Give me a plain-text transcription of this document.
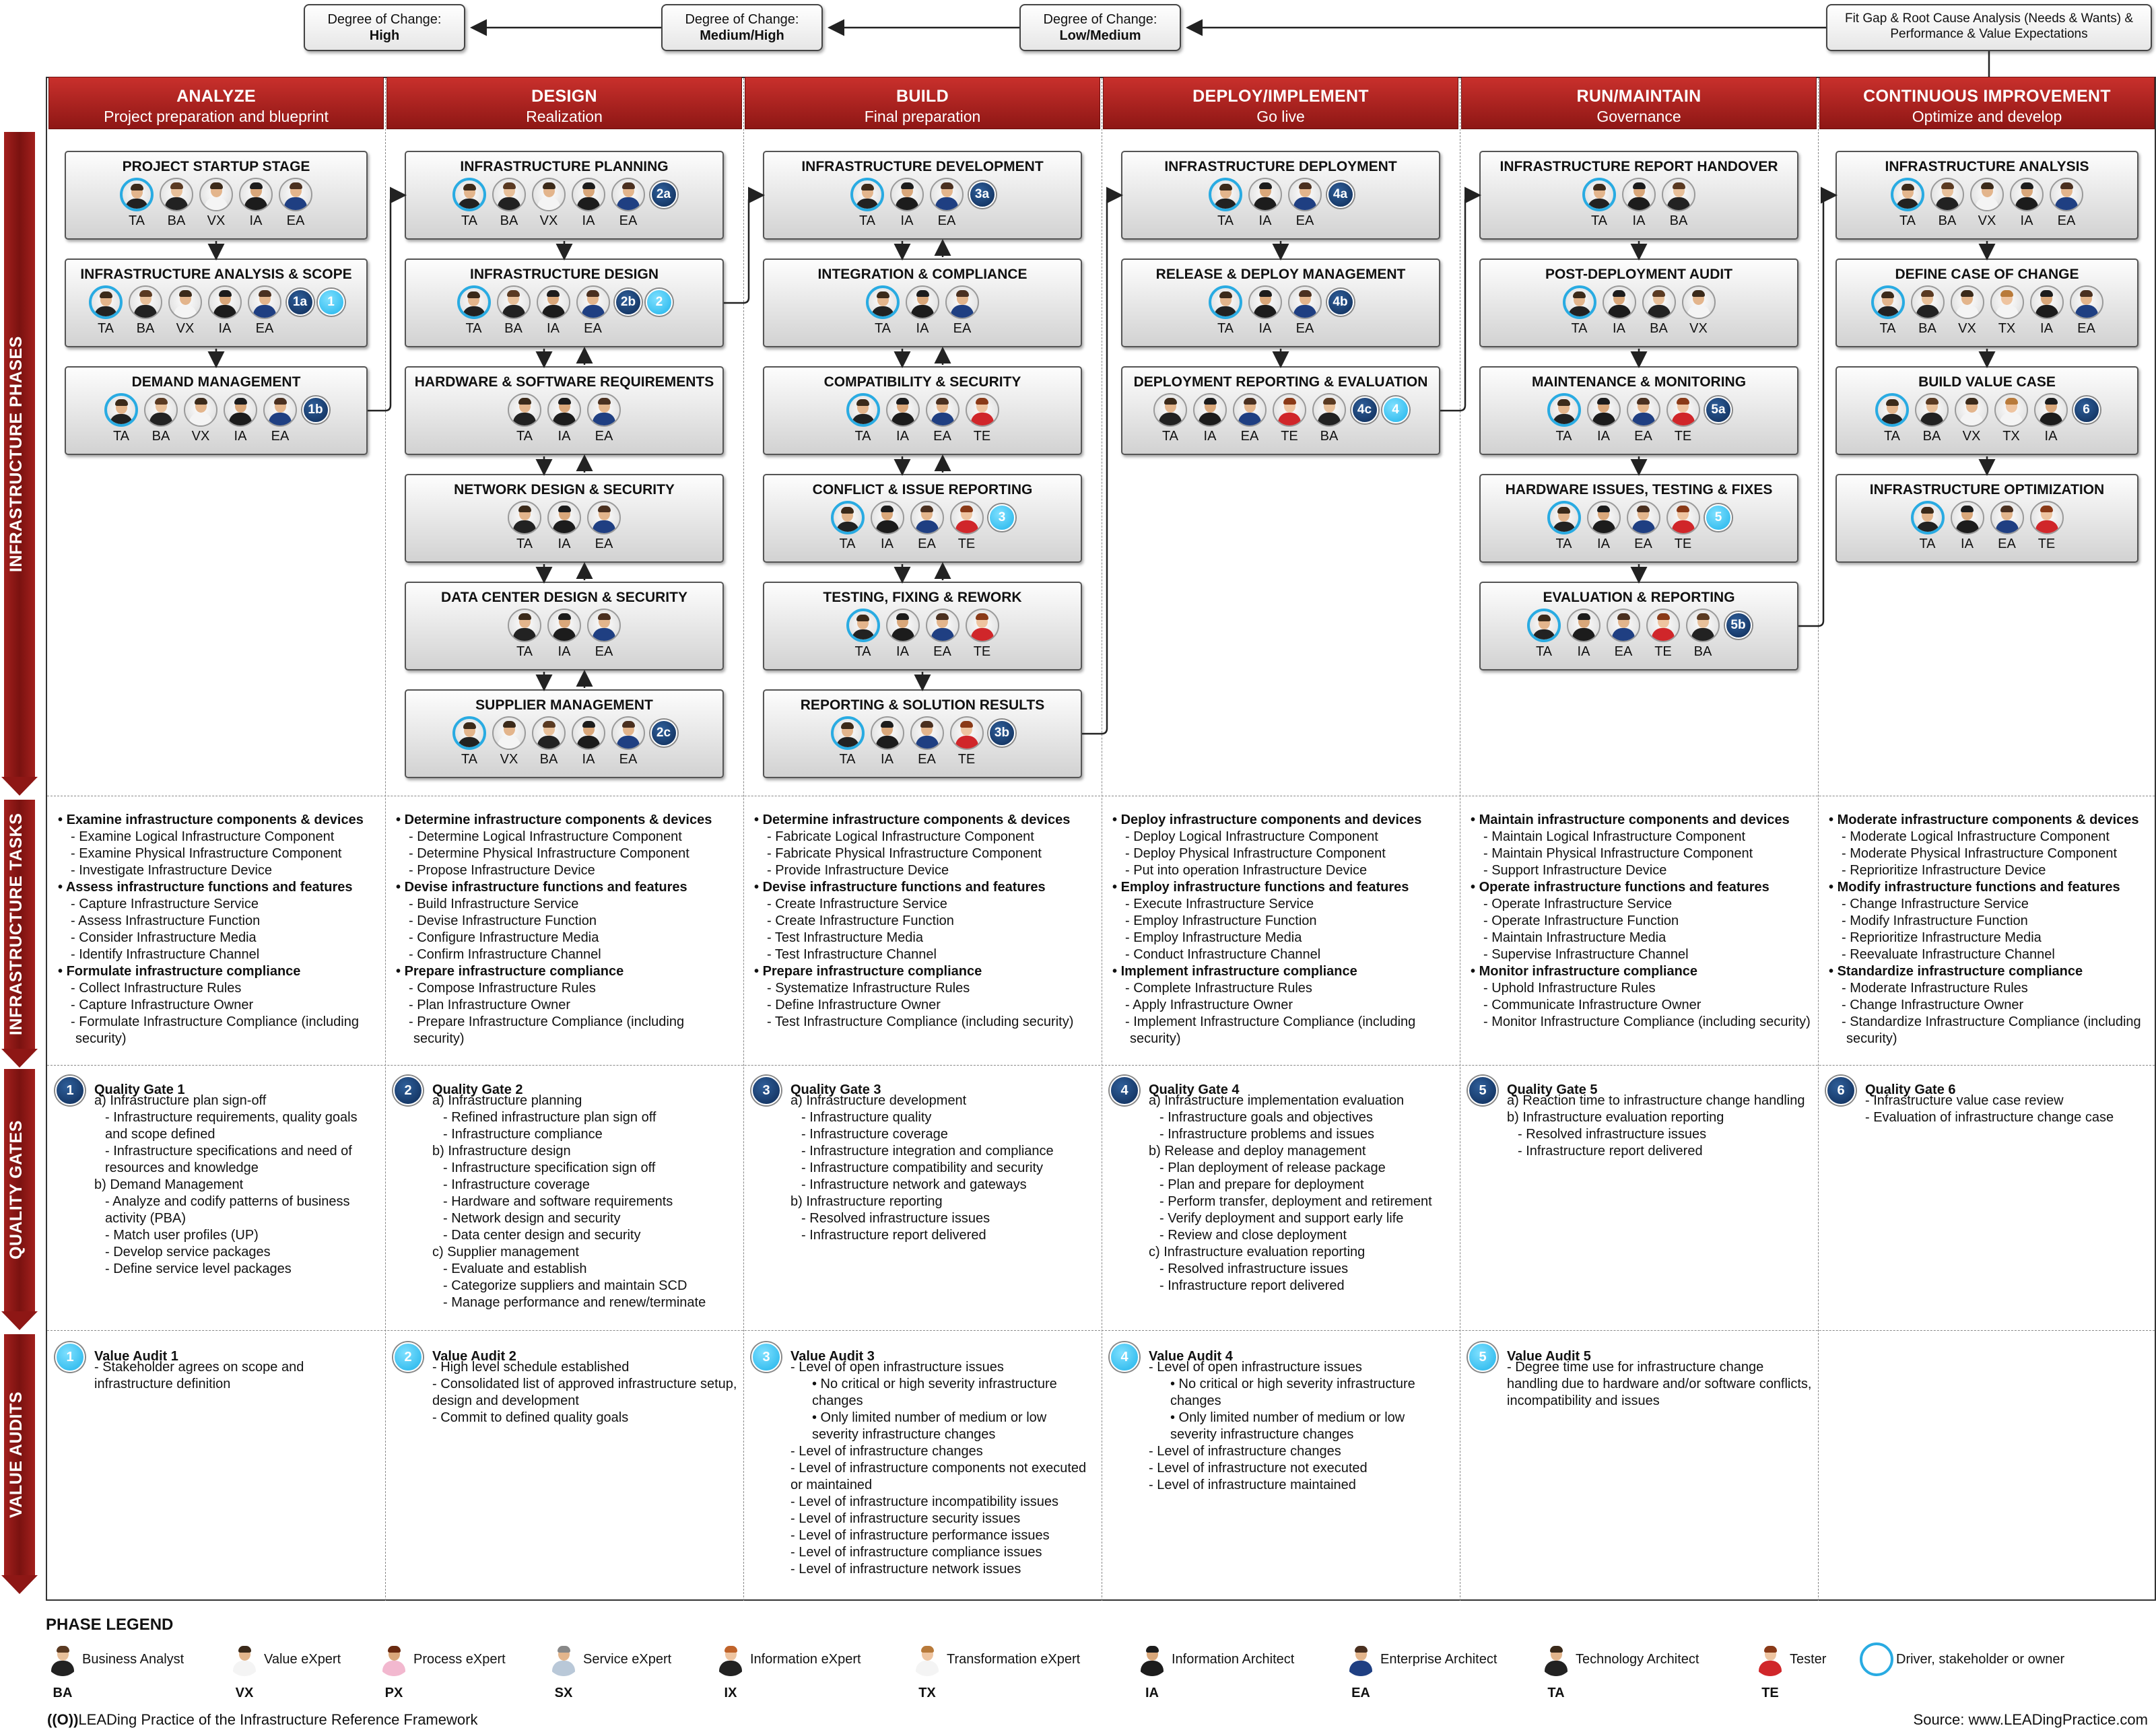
Degree of Change:
High
Degree of Change:
Medium/High
Degree of Change:
Low/Medium
Fit Gap & Root Cause Analysis (Needs & Wants) & Performance & Value Expectations
INFRASTRUCTURE PHASES
INFRASTRUCTURE TASKS
QUALITY GATES
VALUE AUDITS
ANALYZE
Project preparation and blueprint
DESIGN
Realization
BUILD
Final preparation
DEPLOY/IMPLEMENT
Go live
RUN/MAINTAIN
Governance
CONTINUOUS IMPROVEMENT
Optimize and develop
PROJECT STARTUP STAGE
TA	BA	VX	IA	EA
INFRASTRUCTURE ANALYSIS & SCOPE
TA	BA	VX	IA	EA
1a	1
DEMAND MANAGEMENT
TA	BA	VX	IA	EA
1b
INFRASTRUCTURE PLANNING
TA	BA	VX	IA	EA
2a
INFRASTRUCTURE DESIGN
TA	BA	IA	EA
2b	2
HARDWARE & SOFTWARE REQUIREMENTS
TA	IA	EA
NETWORK DESIGN & SECURITY
TA	IA	EA
DATA CENTER DESIGN & SECURITY
TA	IA	EA
SUPPLIER MANAGEMENT
TA	VX	BA	IA	EA
2c
INFRASTRUCTURE DEVELOPMENT
TA	IA	EA
3a
INTEGRATION & COMPLIANCE
TA	IA	EA
COMPATIBILITY & SECURITY
TA	IA	EA	TE
CONFLICT & ISSUE REPORTING
TA	IA	EA	TE
3
TESTING, FIXING & REWORK
TA	IA	EA	TE
REPORTING & SOLUTION RESULTS
TA	IA	EA	TE
3b
INFRASTRUCTURE DEPLOYMENT
TA	IA	EA
4a
RELEASE & DEPLOY MANAGEMENT
TA	IA	EA
4b
DEPLOYMENT REPORTING & EVALUATION
TA	IA	EA	TE	BA
4c	4
INFRASTRUCTURE REPORT HANDOVER
TA	IA	BA
POST-DEPLOYMENT AUDIT
TA	IA	BA	VX
MAINTENANCE & MONITORING
TA	IA	EA	TE
5a
HARDWARE ISSUES, TESTING & FIXES
TA	IA	EA	TE
5
EVALUATION & REPORTING
TA	IA	EA	TE	BA
5b
INFRASTRUCTURE ANALYSIS
TA	BA	VX	IA	EA
DEFINE CASE OF CHANGE
TA	BA	VX	TX	IA	EA
BUILD VALUE CASE
TA	BA	VX	TX	IA
6
INFRASTRUCTURE OPTIMIZATION
TA	IA	EA	TE
• Examine infrastructure components & devices
- Examine Logical Infrastructure Component
- Examine Physical Infrastructure Component
- Investigate Infrastructure Device
• Assess infrastructure functions and features
- Capture Infrastructure Service
- Assess Infrastructure Function
- Consider Infrastructure Media
- Identify Infrastructure Channel
• Formulate infrastructure compliance
- Collect Infrastructure Rules
- Capture Infrastructure Owner
- Formulate Infrastructure Compliance (including security)
• Determine infrastructure components & devices
- Determine Logical Infrastructure Component
- Determine Physical Infrastructure Component
- Propose Infrastructure Device
• Devise infrastructure functions and features
- Build Infrastructure Service
- Devise Infrastructure Function
- Configure Infrastructure Media
- Confirm Infrastructure Channel
• Prepare infrastructure compliance
- Compose Infrastructure Rules
- Plan Infrastructure Owner
- Prepare Infrastructure Compliance (including security)
• Determine infrastructure components & devices
- Fabricate Logical Infrastructure Component
- Fabricate Physical Infrastructure Component
- Provide Infrastructure Device
• Devise infrastructure functions and features
- Create Infrastructure Service
- Create Infrastructure Function
- Test Infrastructure Media
- Test Infrastructure Channel
• Prepare infrastructure compliance
- Systematize Infrastructure Rules
- Define Infrastructure Owner
- Test Infrastructure Compliance (including security)
• Deploy infrastructure components and devices
- Deploy Logical Infrastructure Component
- Deploy Physical Infrastructure Component
- Put into operation Infrastructure Device
• Employ infrastructure functions and features
- Execute Infrastructure Service
- Employ Infrastructure Function
- Employ Infrastructure Media
- Conduct Infrastructure Channel
• Implement infrastructure compliance
- Complete Infrastructure Rules
- Apply Infrastructure Owner
- Implement Infrastructure Compliance (including security)
• Maintain infrastructure components and devices
- Maintain Logical Infrastructure Component
- Maintain Physical Infrastructure Component
- Support Infrastructure Device
• Operate infrastructure functions and features
- Operate Infrastructure Service
- Operate Infrastructure Function
- Maintain Infrastructure Media
- Supervise Infrastructure Channel
• Monitor infrastructure compliance
- Uphold Infrastructure Rules
- Communicate Infrastructure Owner
- Monitor Infrastructure Compliance (including security)
• Moderate infrastructure components & devices
- Moderate Logical Infrastructure Component
- Moderate Physical Infrastructure Component
- Reprioritize Infrastructure Device
• Modify infrastructure functions and features
- Change Infrastructure Service
- Modify Infrastructure Function
- Reprioritize Infrastructure Media
- Reevaluate Infrastructure Channel
• Standardize infrastructure compliance
- Moderate Infrastructure Rules
- Change Infrastructure Owner
- Standardize Infrastructure Compliance (including security)
1	Quality Gate 1
a) Infrastructure plan sign-off
- Infrastructure requirements, quality goals and scope defined
- Infrastructure specifications and need of resources and knowledge
b) Demand Management
- Analyze and codify patterns of business activity (PBA)
- Match user profiles (UP)
- Develop service packages
- Define service level packages
2	Quality Gate 2
a) Infrastructure planning
- Refined infrastructure plan sign off
- Infrastructure compliance
b) Infrastructure design
- Infrastructure specification sign off
- Infrastructure coverage
- Hardware and software requirements
- Network design and security
- Data center design and security
c) Supplier management
- Evaluate and establish
- Categorize suppliers and maintain SCD
- Manage performance and renew/terminate
3	Quality Gate 3
a) Infrastructure development
- Infrastructure quality
- Infrastructure coverage
- Infrastructure integration and compliance
- Infrastructure compatibility and security
- Infrastructure network and gateways
b) Infrastructure reporting
- Resolved infrastructure issues
- Infrastructure report delivered
4	Quality Gate 4
a) Infrastructure implementation evaluation
- Infrastructure goals and objectives
- Infrastructure problems and issues
b) Release and deploy management
- Plan deployment of release package
- Plan and prepare for deployment
- Perform transfer, deployment and retirement
- Verify deployment and support early life
- Review and close deployment
c) Infrastructure evaluation reporting
- Resolved infrastructure issues
- Infrastructure report delivered
5	Quality Gate 5
a) Reaction time to infrastructure change handling
b) Infrastructure evaluation reporting
- Resolved infrastructure issues
- Infrastructure report delivered
6	Quality Gate 6
- Infrastructure value case review
- Evaluation of infrastructure change case
1	Value Audit 1
- Stakeholder agrees on scope and infrastructure definition
2	Value Audit 2
- High level schedule established
- Consolidated list of approved infrastructure setup, design and development
- Commit to defined quality goals
3	Value Audit 3
- Level of open infrastructure issues
• No critical or high severity infrastructure changes
• Only limited number of medium or low severity infrastructure changes
- Level of infrastructure changes
- Level of infrastructure components not executed or maintained
- Level of infrastructure incompatibility issues
- Level of infrastructure security issues
- Level of infrastructure performance issues
- Level of infrastructure compliance issues
- Level of infrastructure network issues
4	Value Audit 4
- Level of open infrastructure issues
• No critical or high severity infrastructure changes
• Only limited number of medium or low severity infrastructure changes
- Level of infrastructure changes
- Level of infrastructure not executed
- Level of infrastructure maintained
5	Value Audit 5
- Degree time use for infrastructure change handling due to hardware and/or software conflicts, incompatibility and issues
PHASE LEGEND
Business Analyst
BA
Value eXpert
VX
Process eXpert
PX
Service eXpert
SX
Information eXpert
IX
Transformation eXpert
TX
Information Architect
IA
Enterprise Architect
EA
Technology Architect
TA
Tester
TE
Driver, stakeholder or owner
((O))LEADing Practice of the Infrastructure Reference Framework	Source: www.LEADingPractice.com
